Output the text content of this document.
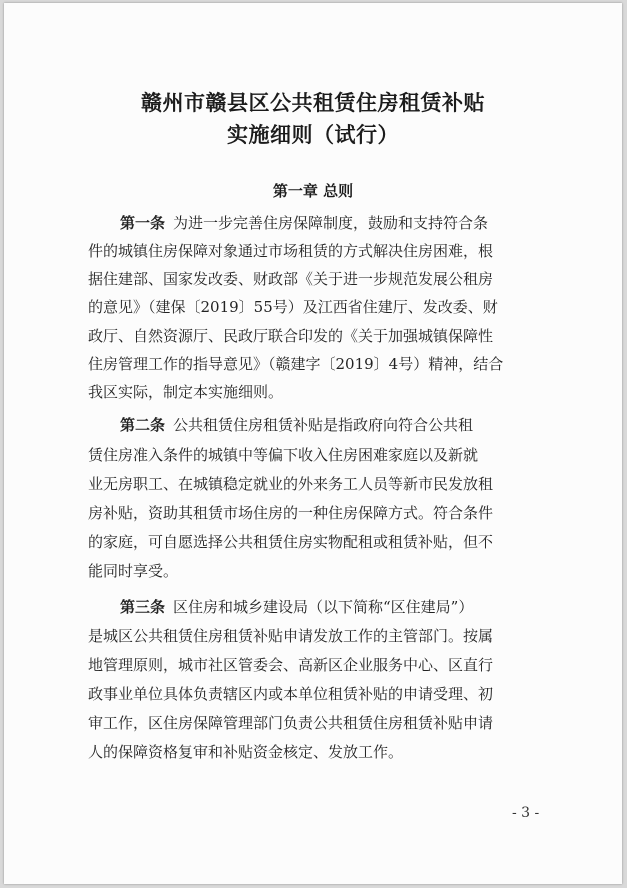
赣州市赣县区公共租赁住房租赁补贴
实施细则（试行）
第一章 总则
第一条 为进一步完善住房保障制度，鼓励和支持符合条
件的城镇住房保障对象通过市场租赁的方式解决住房困难，根
据住建部、国家发改委、财政部《关于进一步规范发展公租房
的意见》（建保〔2019〕55号）及江西省住建厅、发改委、财
政厅、自然资源厅、民政厅联合印发的《关于加强城镇保障性
住房管理工作的指导意见》（赣建字〔2019〕4号）精神，结合
我区实际，制定本实施细则。
第二条 公共租赁住房租赁补贴是指政府向符合公共租
赁住房准入条件的城镇中等偏下收入住房困难家庭以及新就
业无房职工、在城镇稳定就业的外来务工人员等新市民发放租
房补贴，资助其租赁市场住房的一种住房保障方式。符合条件
的家庭，可自愿选择公共租赁住房实物配租或租赁补贴，但不
能同时享受。
第三条 区住房和城乡建设局（以下简称“区住建局”）
是城区公共租赁住房租赁补贴申请发放工作的主管部门。按属
地管理原则，城市社区管委会、高新区企业服务中心、区直行
政事业单位具体负责辖区内或本单位租赁补贴的申请受理、初
审工作，区住房保障管理部门负责公共租赁住房租赁补贴申请
人的保障资格复审和补贴资金核定、发放工作。
- 3 -
